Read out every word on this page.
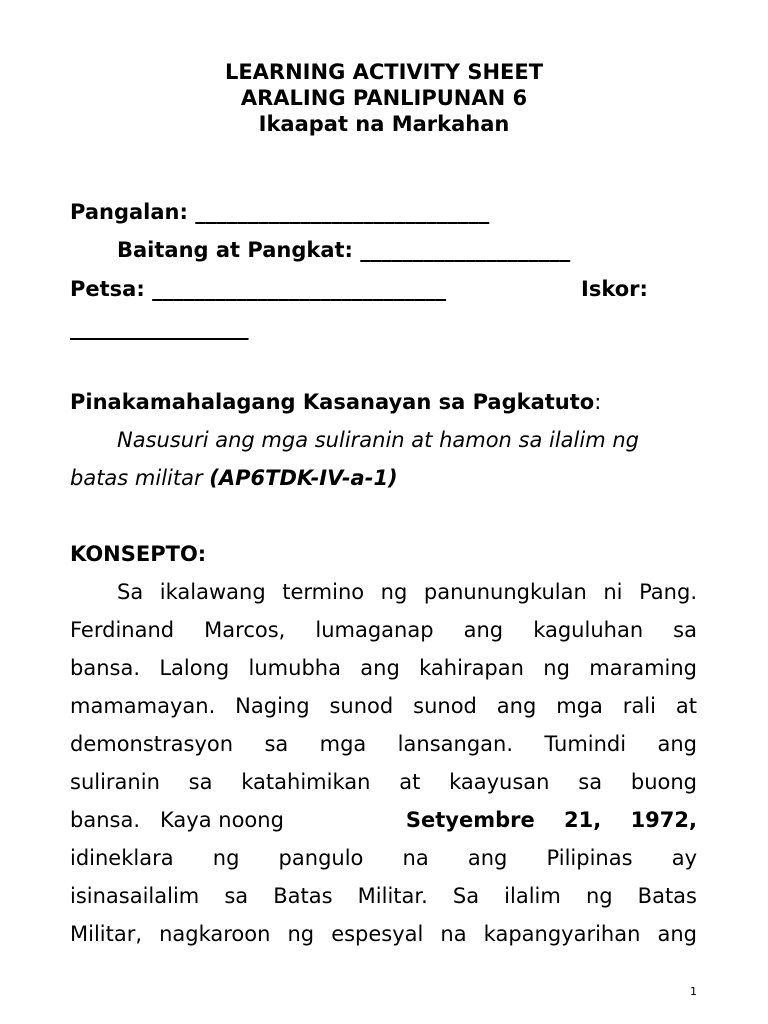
LEARNING ACTIVITY SHEET
ARALING PANLIPUNAN 6
Ikaapat na Markahan
Pangalan: ____________________________
Baitang at Pangkat: ____________________
Petsa: ____________________________	Iskor:
_________________
Pinakamahalagang Kasanayan sa Pagkatuto:
Nasusuri ang mga suliranin at hamon sa ilalim ng
batas militar (AP6TDK-IV-a-1)
KONSEPTO:
Sa ikalawang termino ng panunungkulan ni Pang.
Ferdinand Marcos, lumaganap ang kaguluhan sa
bansa. Lalong lumubha ang kahirapan ng maraming
mamamayan. Naging sunod sunod ang mga rali at
demonstrasyon sa mga lansangan. Tumindi ang
suliranin sa katahimikan at kaayusan sa buong
bansa.   Kaya noong	Setyembre 21, 1972,
idineklara ng pangulo na ang Pilipinas ay
isinasailalim sa Batas Militar. Sa ilalim ng Batas
Militar, nagkaroon ng espesyal na kapangyarihan ang
1
